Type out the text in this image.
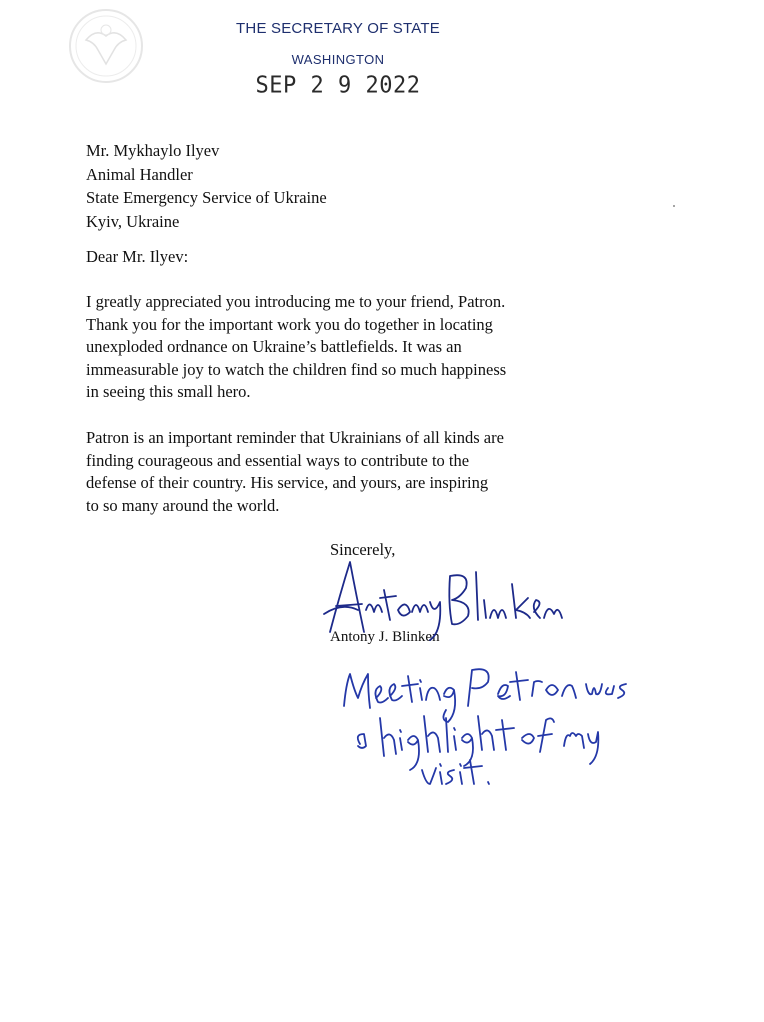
THE SECRETARY OF STATE
WASHINGTON
SEP 2 9 2022
Mr. Mykhaylo Ilyev
Animal Handler
State Emergency Service of Ukraine
Kyiv, Ukraine
Dear Mr. Ilyev:
I greatly appreciated you introducing me to your friend, Patron.
Thank you for the important work you do together in locating
unexploded ordnance on Ukraine’s battlefields. It was an
immeasurable joy to watch the children find so much happiness
in seeing this small hero.
Patron is an important reminder that Ukrainians of all kinds are
finding courageous and essential ways to contribute to the
defense of their country. His service, and yours, are inspiring
to so many around the world.
Sincerely,
Antony J. Blinken
